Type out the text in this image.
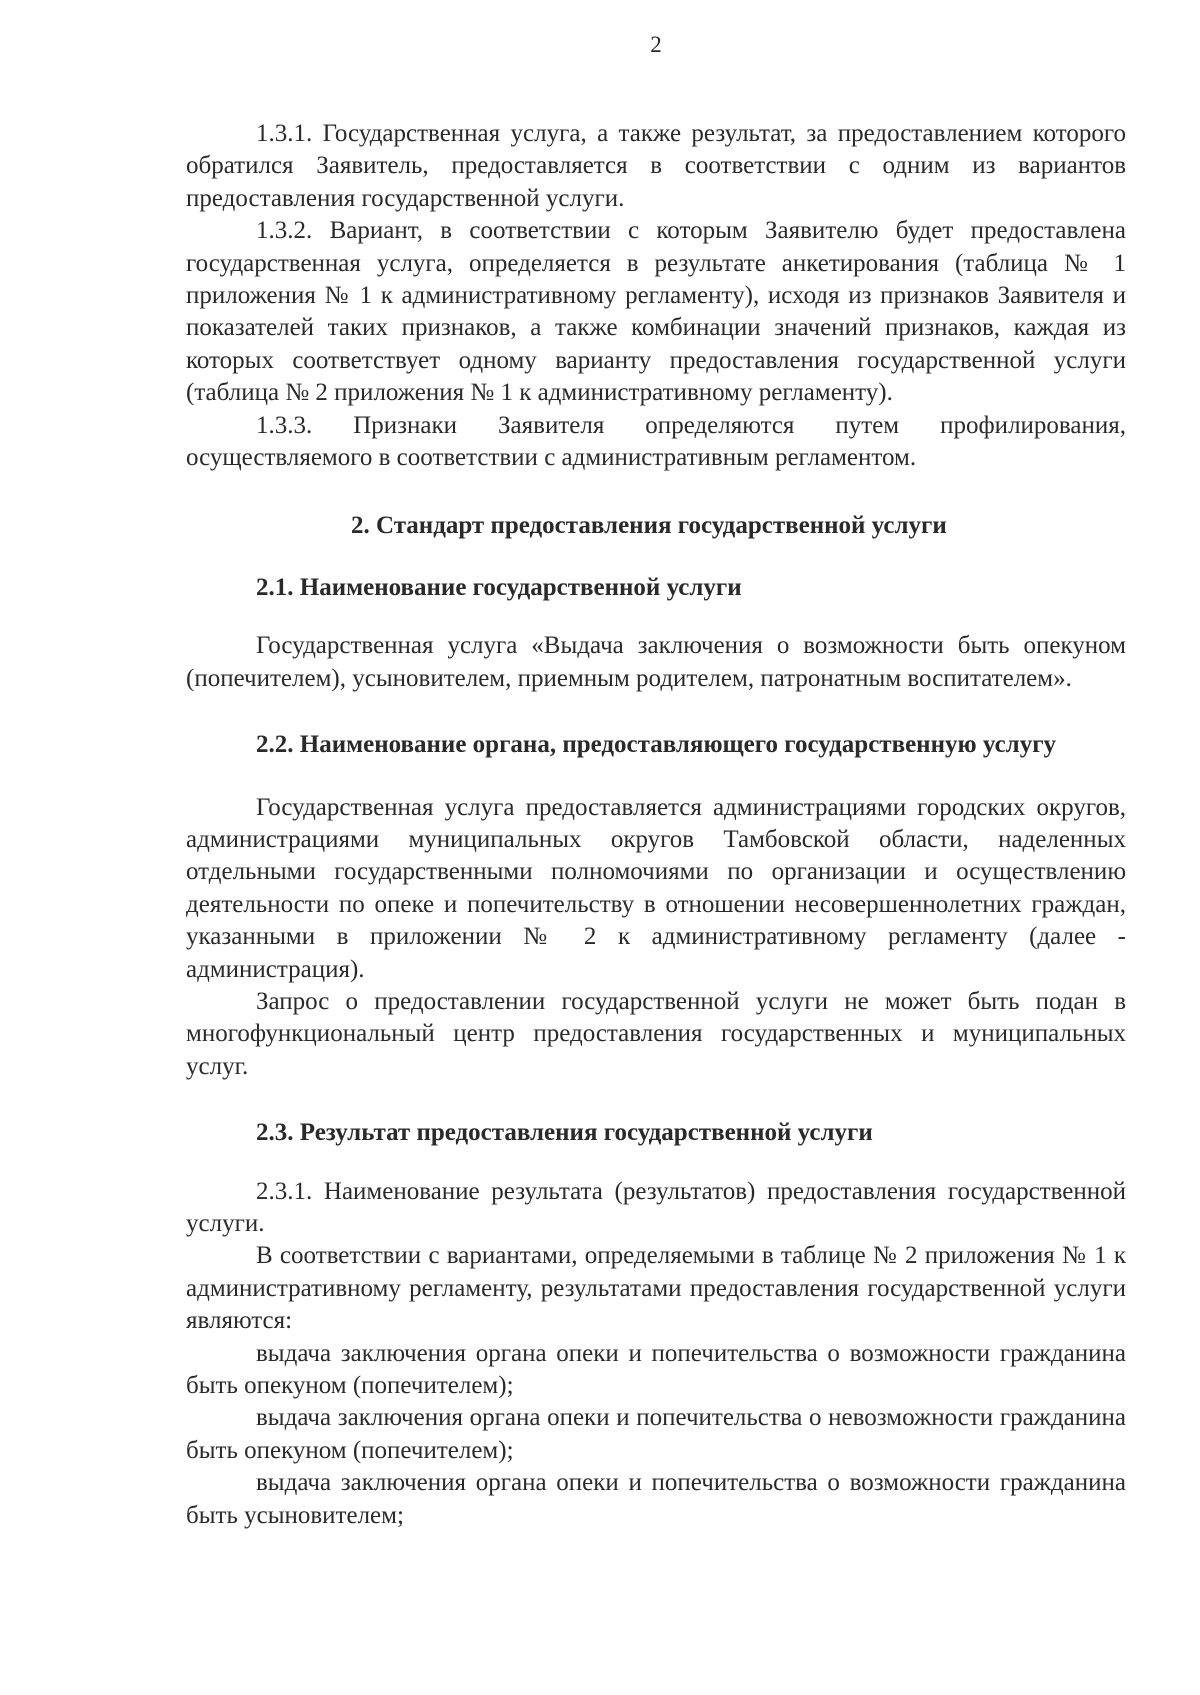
2

1.3.1. Государственная услуга, а также результат, за предоставлением которого обратился Заявитель, предоставляется в соответствии с одним из вариантов предоставления государственной услуги.

1.3.2. Вариант, в соответствии с которым Заявителю будет предоставлена государственная услуга, определяется в результате анкетирования (таблица № 1 приложения № 1 к административному регламенту), исходя из признаков Заявителя и показателей таких признаков, а также комбинации значений признаков, каждая из которых соответствует одному варианту предоставления государственной услуги (таблица № 2 приложения № 1 к административному регламенту).

1.3.3. Признаки Заявителя определяются путем профилирования, осуществляемого в соответствии с административным регламентом.

2. Стандарт предоставления государственной услуги
2.1. Наименование государственной услуги

Государственная услуга «Выдача заключения о возможности быть опекуном (попечителем), усыновителем, приемным родителем, патронатным воспитателем».

2.2. Наименование органа, предоставляющего государственную услугу

Государственная услуга предоставляется администрациями городских округов, администрациями муниципальных округов Тамбовской области, наделенных отдельными государственными полномочиями по организации и осуществлению деятельности по опеке и попечительству в отношении несовершеннолетних граждан, указанными в приложении № 2 к административному регламенту (далее - администрация).

Запрос о предоставлении государственной услуги не может быть подан в многофункциональный центр предоставления государственных и муниципальных услуг.

2.3. Результат предоставления государственной услуги

2.3.1. Наименование результата (результатов) предоставления государственной услуги.

В соответствии с вариантами, определяемыми в таблице № 2 приложения № 1 к административному регламенту, результатами предоставления государственной услуги являются:

выдача заключения органа опеки и попечительства о возможности гражданина быть опекуном (попечителем);

выдача заключения органа опеки и попечительства о невозможности гражданина быть опекуном (попечителем);

выдача заключения органа опеки и попечительства о возможности гражданина быть усыновителем;
